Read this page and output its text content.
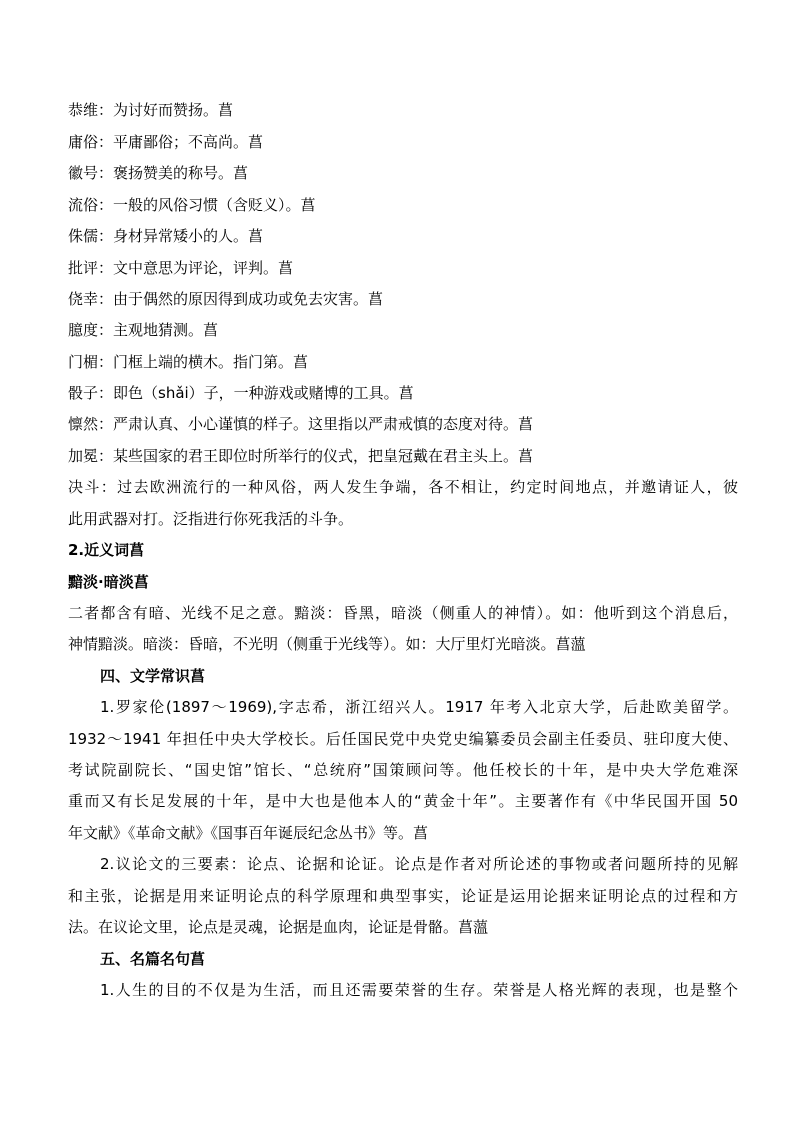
恭维：为讨好而赞扬。菖
庸俗：平庸鄙俗；不高尚。菖
徽号：褒扬赞美的称号。菖
流俗：一般的风俗习惯（含贬义）。菖
侏儒：身材异常矮小的人。菖
批评：文中意思为评论，评判。菖
侥幸：由于偶然的原因得到成功或免去灾害。菖
臆度：主观地猜测。菖
门楣：门框上端的横木。指门第。菖
骰子：即色（shǎi）子，一种游戏或赌博的工具。菖
懔然：严肃认真、小心谨慎的样子。这里指以严肃戒慎的态度对待。菖
加冕：某些国家的君王即位时所举行的仪式，把皇冠戴在君主头上。菖
决斗：过去欧洲流行的一种风俗，两人发生争端，各不相让，约定时间地点，并邀请证人，彼
此用武器对打。泛指进行你死我活的斗争。
2.近义词菖
黯淡·暗淡菖
二者都含有暗、光线不足之意。黯淡：昏黑，暗淡（侧重人的神情）。如：他听到这个消息后，
神情黯淡。暗淡：昏暗，不光明（侧重于光线等）。如：大厅里灯光暗淡。菖薀
四、文学常识菖
1.罗家伦(1897～1969),字志希，浙江绍兴人。1917 年考入北京大学，后赴欧美留学。
1932～1941 年担任中央大学校长。后任国民党中央党史编纂委员会副主任委员、驻印度大使、
考试院副院长、“国史馆”馆长、“总统府”国策顾问等。他任校长的十年，是中央大学危难深
重而又有长足发展的十年，是中大也是他本人的“黄金十年”。主要著作有《中华民国开国 50
年文献》《革命文献》《国事百年诞辰纪念丛书》等。菖
2.议论文的三要素：论点、论据和论证。论点是作者对所论述的事物或者问题所持的见解
和主张，论据是用来证明论点的科学原理和典型事实，论证是运用论据来证明论点的过程和方
法。在议论文里，论点是灵魂，论据是血肉，论证是骨骼。菖薀
五、名篇名句菖
1.人生的目的不仅是为生活，而且还需要荣誉的生存。荣誉是人格光辉的表现，也是整个
